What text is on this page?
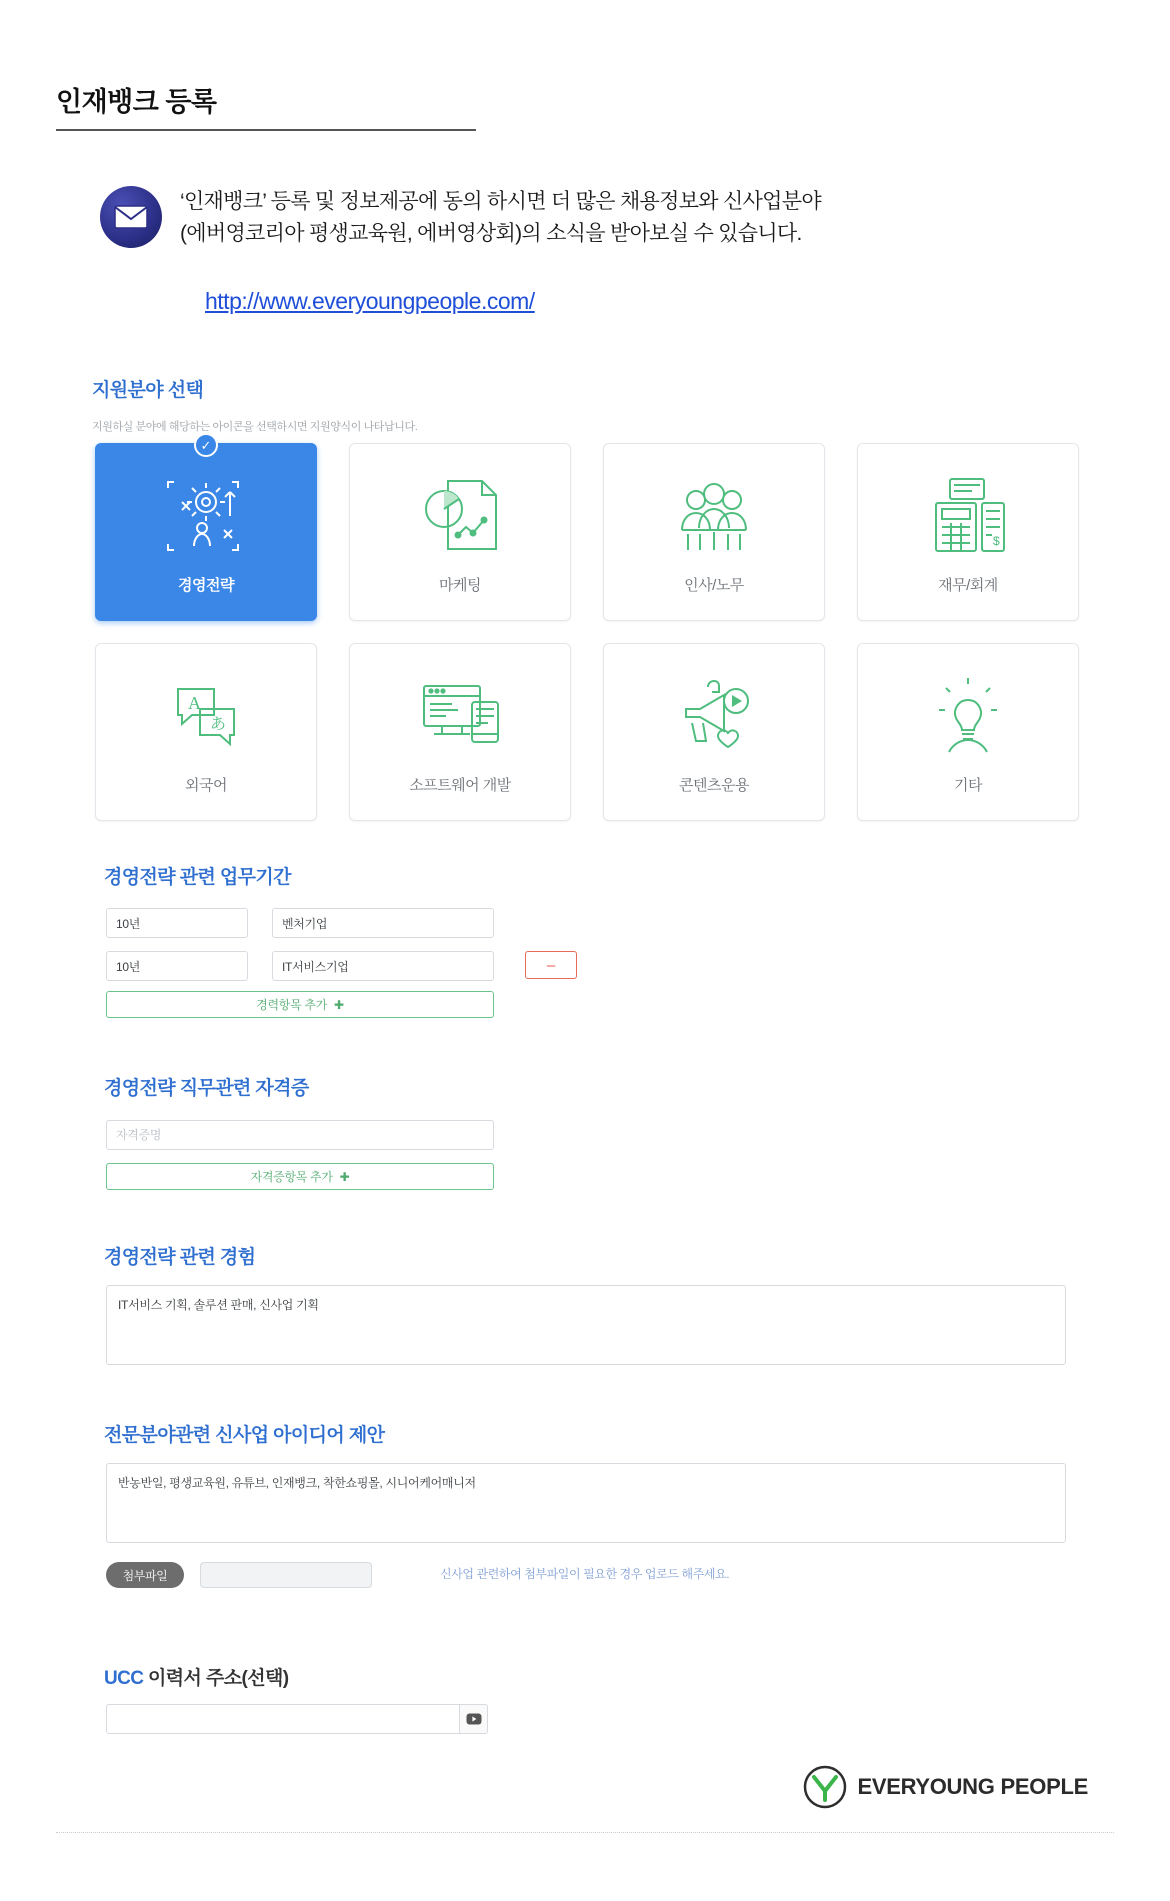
인재뱅크 등록
‘인재뱅크’ 등록 및 정보제공에 동의 하시면 더 많은 채용정보와 신사업분야
(에버영코리아 평생교육원, 에버영상회)의 소식을 받아보실 수 있습니다.
http://www.everyoungpeople.com/
지원분야 선택
지원하실 분야에 해당하는 아이콘을 선택하시면 지원양식이 나타납니다.
✓
경영전략	마케팅	인사/노무
$
재무/회계
A
あ
외국어	소프트웨어 개발	콘텐츠운용	기타
경영전략 관련 업무기간
10년
벤처기업
10년
IT서비스기업
–
경력항목 추가 ✚
경영전략 직무관련 자격증
자격증명
자격증항목 추가 ✚
경영전략 관련 경험
IT서비스 기획, 솔루션 판매, 신사업 기획
전문분야관련 신사업 아이디어 제안
반농반일, 평생교육원, 유튜브, 인재뱅크, 착한쇼핑몰, 시니어케어매니저
첨부파일	신사업 관련하여 첨부파일이 필요한 경우 업로드 해주세요.
UCC 이력서 주소(선택)
EVERYOUNG PEOPLE
